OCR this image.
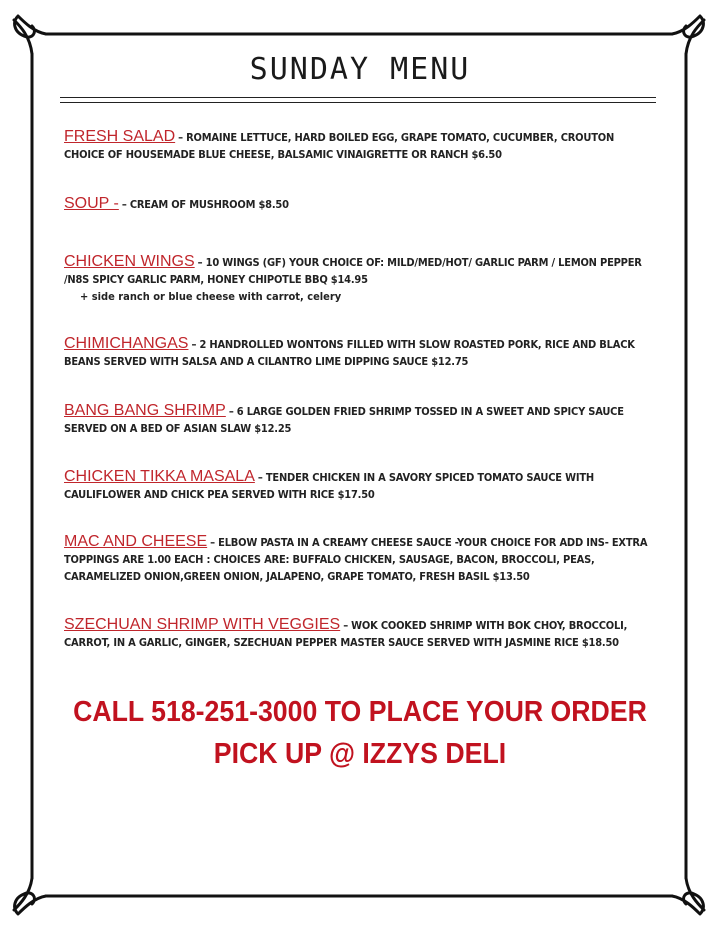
SUNDAY MENU
FRESH SALAD – ROMAINE LETTUCE, HARD BOILED EGG, GRAPE TOMATO, CUCUMBER, CROUTON CHOICE OF HOUSEMADE BLUE CHEESE, BALSAMIC VINAIGRETTE OR RANCH $6.50
SOUP - – CREAM OF MUSHROOM $8.50
CHICKEN WINGS – 10 WINGS (GF) YOUR CHOICE OF: MILD/MED/HOT/ GARLIC PARM / LEMON PEPPER /N8S SPICY GARLIC PARM, HONEY CHIPOTLE BBQ $14.95
+ side ranch or blue cheese with carrot, celery
CHIMICHANGAS – 2 HANDROLLED WONTONS FILLED WITH SLOW ROASTED PORK, RICE AND BLACK BEANS SERVED WITH SALSA AND A CILANTRO LIME DIPPING SAUCE $12.75
BANG BANG SHRIMP – 6 LARGE GOLDEN FRIED SHRIMP TOSSED IN A SWEET AND SPICY SAUCE SERVED ON A BED OF ASIAN SLAW $12.25
CHICKEN TIKKA MASALA – TENDER CHICKEN IN A SAVORY SPICED TOMATO SAUCE WITH CAULIFLOWER AND CHICK PEA SERVED WITH RICE $17.50
MAC AND CHEESE – ELBOW PASTA IN A CREAMY CHEESE SAUCE -YOUR CHOICE FOR ADD INS- EXTRA TOPPINGS ARE 1.00 EACH : CHOICES ARE: BUFFALO CHICKEN, SAUSAGE, BACON, BROCCOLI, PEAS, CARAMELIZED ONION,GREEN ONION, JALAPENO, GRAPE TOMATO, FRESH BASIL $13.50
SZECHUAN SHRIMP WITH VEGGIES – WOK COOKED SHRIMP WITH BOK CHOY, BROCCOLI, CARROT, IN A GARLIC, GINGER, SZECHUAN PEPPER MASTER SAUCE SERVED WITH JASMINE RICE $18.50
CALL 518-251-3000 TO PLACE YOUR ORDER
PICK UP @ IZZYS DELI
